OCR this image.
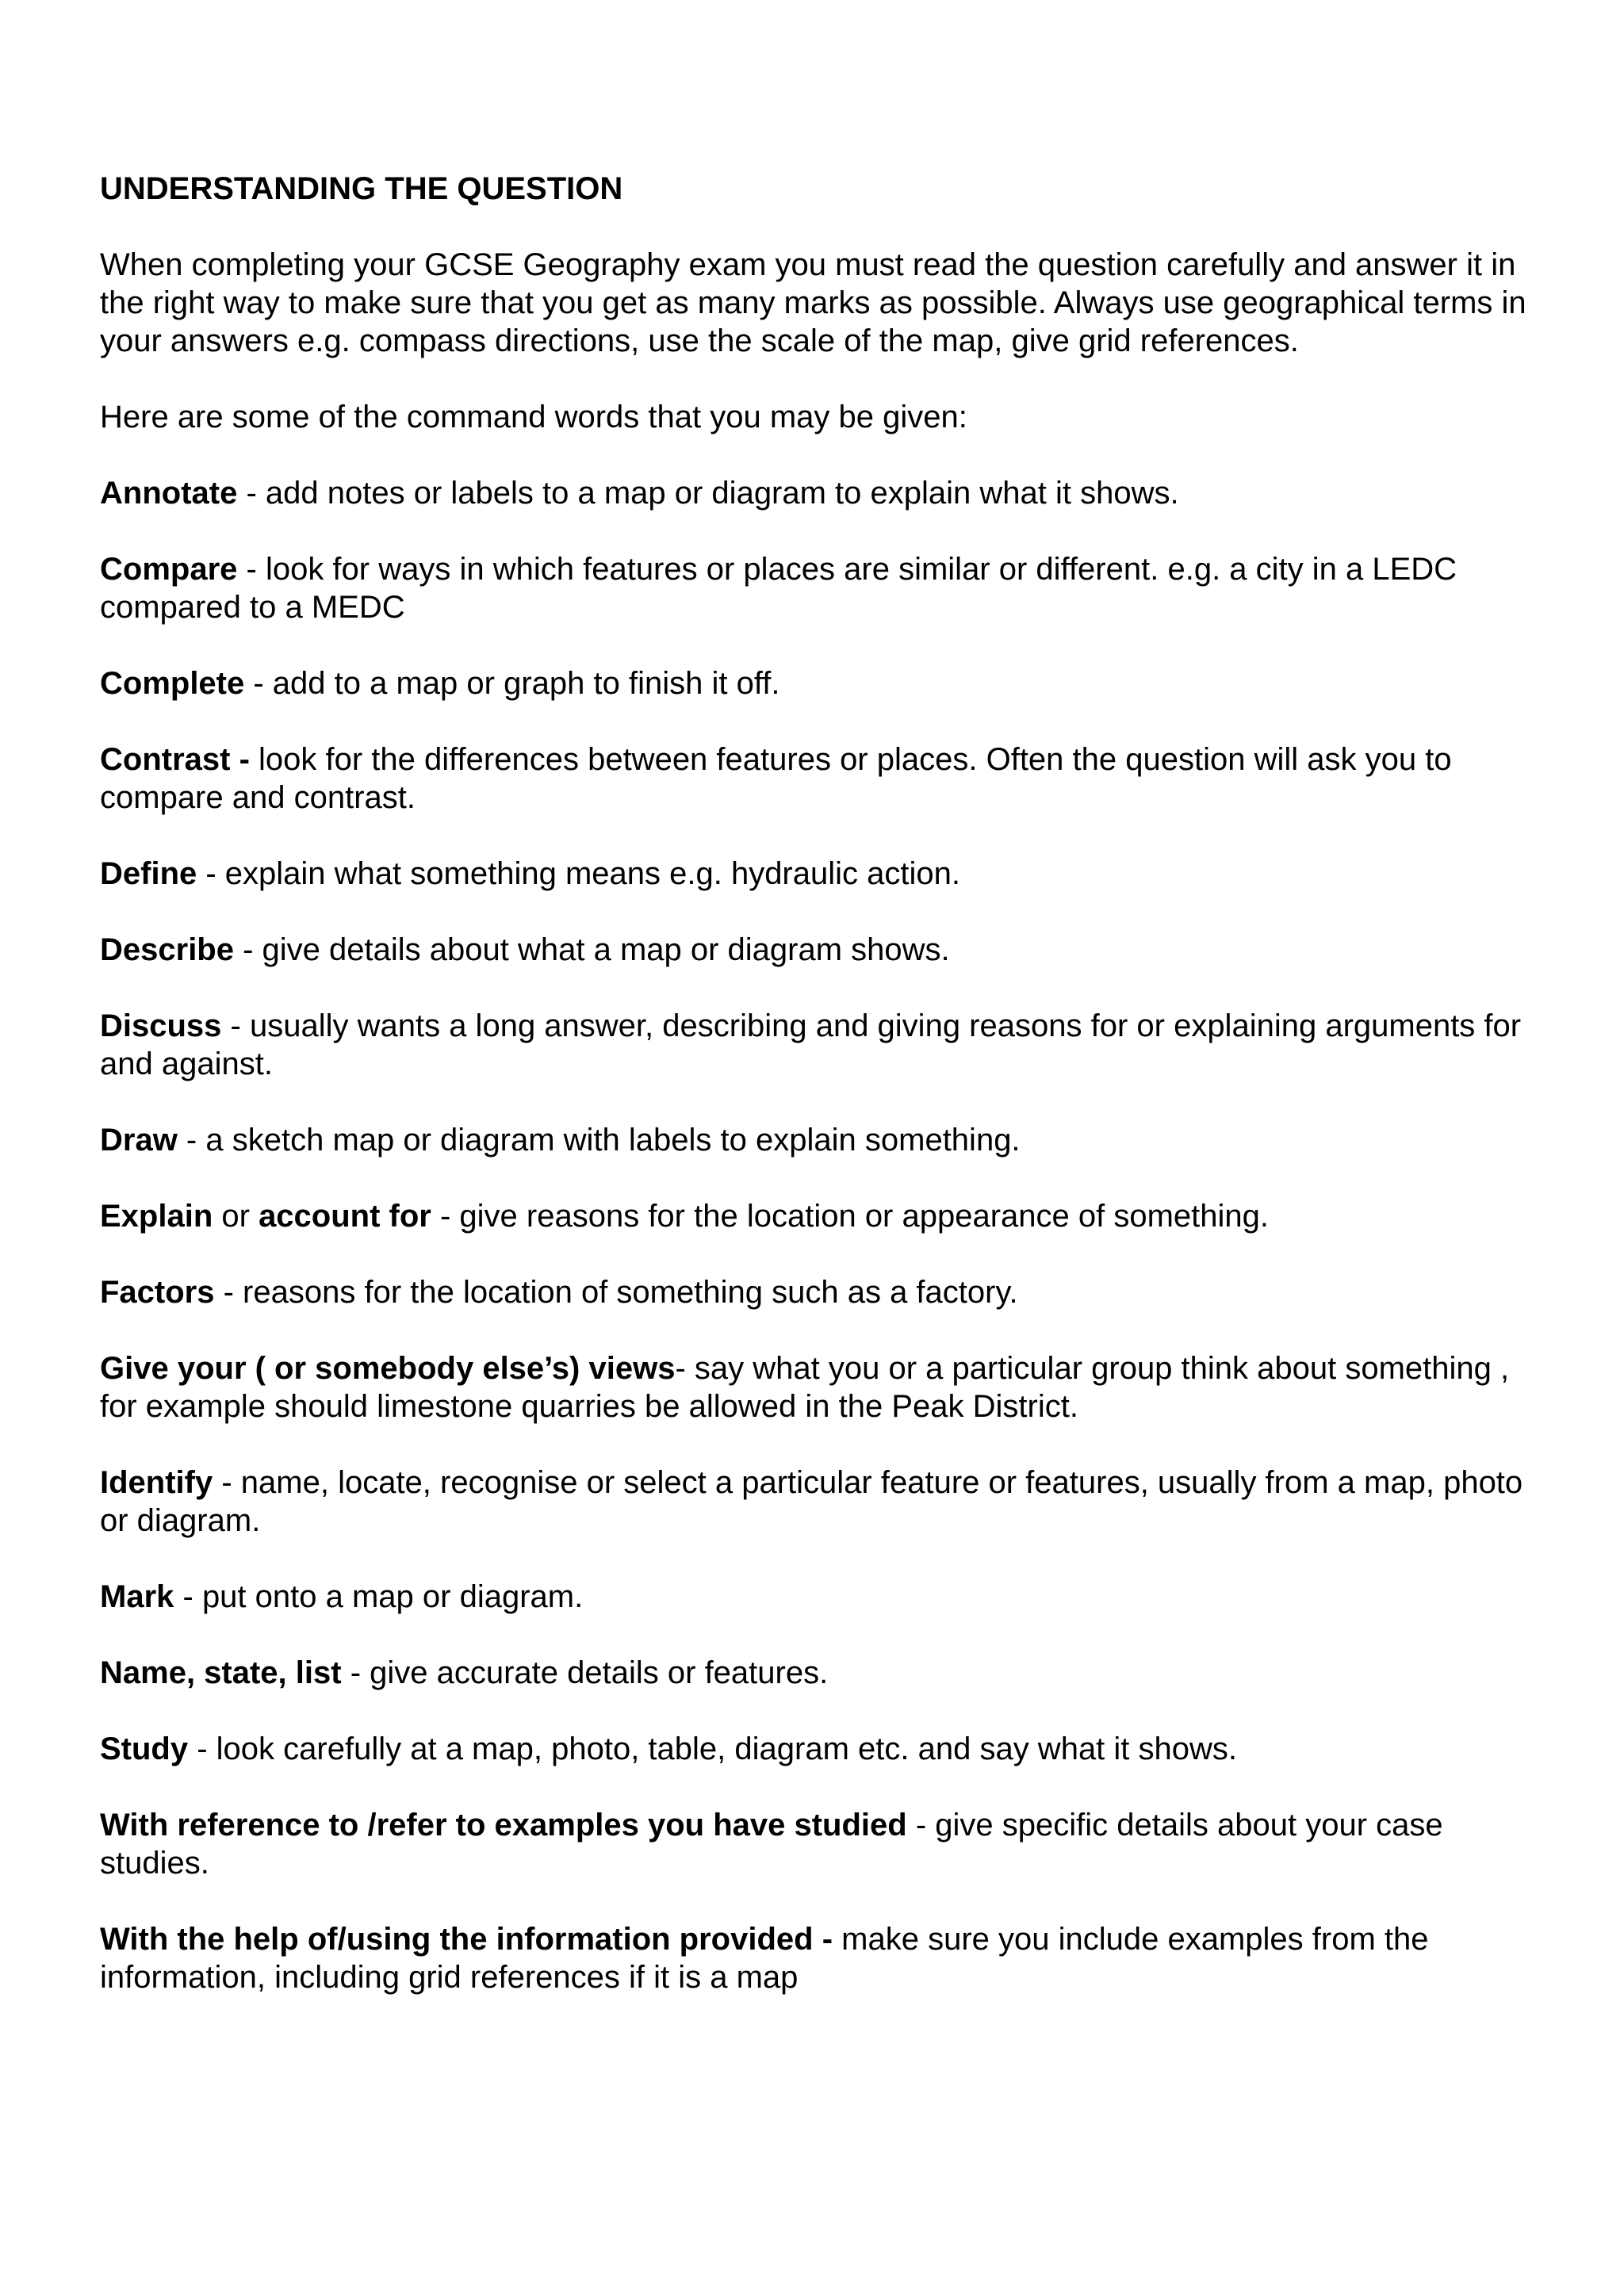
UNDERSTANDING THE QUESTION
When completing your GCSE Geography exam you must read the question carefully and answer it in the right way to make sure that you get as many marks as possible. Always use geographical terms in your answers e.g. compass directions, use the scale of the map, give grid references.
Here are some of the command words that you may be given:
Annotate - add notes or labels to a map or diagram to explain what it shows.
Compare - look for ways in which features or places are similar or different. e.g. a city in a LEDC compared to a MEDC
Complete - add to a map or graph to finish it off.
Contrast - look for the differences between features or places. Often the question will ask you to compare and contrast.
Define - explain what something means e.g. hydraulic action.
Describe - give details about what a map or diagram shows.
Discuss - usually wants a long answer, describing and giving reasons for or explaining arguments for and against.
Draw - a sketch map or diagram with labels to explain something.
Explain or account for - give reasons for the location or appearance of something.
Factors - reasons for the location of something such as a factory.
Give your ( or somebody else’s) views- say what you or a particular group think about something , for example should limestone quarries be allowed in the Peak District.
Identify - name, locate, recognise or select a particular feature or features, usually from a map, photo or diagram.
Mark - put onto a map or diagram.
Name, state, list - give accurate details or features.
Study - look carefully at a map, photo, table, diagram etc. and say what it shows.
With reference to /refer to examples you have studied - give specific details about your case studies.
With the help of/using the information provided - make sure you include examples from the information, including grid references if it is a map
